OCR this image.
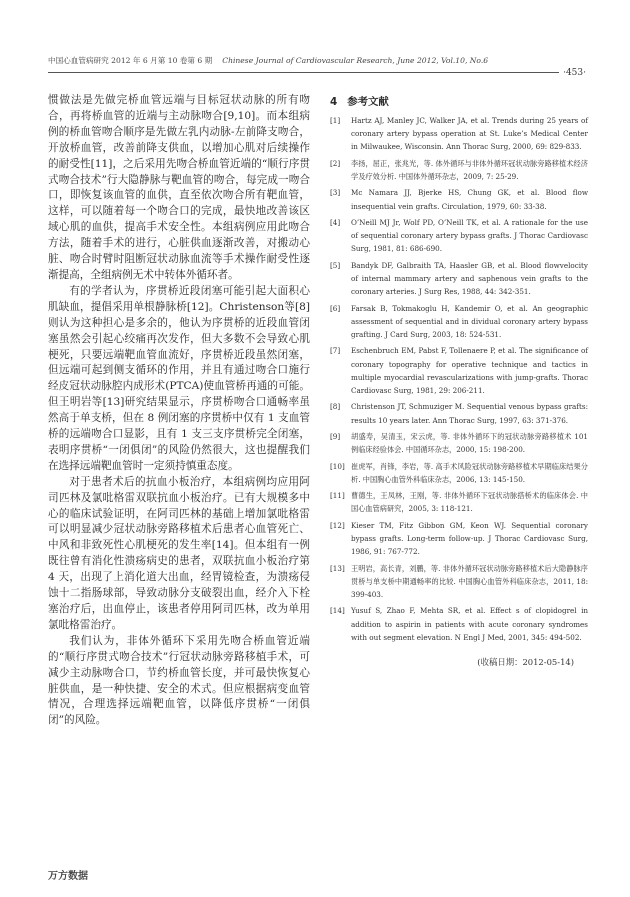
中国心血管病研究 2012 年 6 月第 10 卷第 6 期 Chinese Journal of Cardiovascular Research, June 2012, Vol.10, No.6
·453·

惯做法是先做完桥血管远端与目标冠状动脉的所有吻合，再将桥血管的近端与主动脉吻合[9,10]。而本组病例的桥血管吻合顺序是先做左乳内动脉-左前降支吻合，开放桥血管，改善前降支供血，以增加心肌对后续操作的耐受性[11]，之后采用先吻合桥血管近端的“顺行序贯式吻合技术”行大隐静脉与靶血管的吻合，每完成一吻合口，即恢复该血管的血供，直至依次吻合所有靶血管，这样，可以随着每一个吻合口的完成，最快地改善该区域心肌的血供，提高手术安全性。本组病例应用此吻合方法，随着手术的进行，心脏供血逐渐改善，对搬动心脏、吻合时臂时阻断冠状动脉血流等手术操作耐受性逐渐提高，全组病例无术中转体外循环者。

有的学者认为，序贯桥近段闭塞可能引起大面积心肌缺血，提倡采用单根静脉桥[12]。Christenson等[8]则认为这种担心是多余的，他认为序贯桥的近段血管闭塞虽然会引起心绞痛再次发作，但大多数不会导致心肌梗死，只要远端靶血管血流好，序贯桥近段虽然闭塞，但远端可起到侧支循环的作用，并且有通过吻合口施行经皮冠状动脉腔内成形术(PTCA)使血管桥再通的可能。但王明岩等[13]研究结果显示，序贯桥吻合口通畅率虽然高于单支桥，但在 8 例闭塞的序贯桥中仅有 1 支血管桥的远端吻合口显影，且有 1 支三支序贯桥完全闭塞，表明序贯桥“一闭俱闭”的风险仍然很大，这也提醒我们在选择远端靶血管时一定须持慎重态度。

对于患者术后的抗血小板治疗，本组病例均应用阿司匹林及氯吡格雷双联抗血小板治疗。已有大规模多中心的临床试验证明，在阿司匹林的基础上增加氯吡格雷可以明显减少冠状动脉旁路移植术后患者心血管死亡、中风和非致死性心肌梗死的发生率[14]。但本组有一例既往曾有消化性溃疡病史的患者，双联抗血小板治疗第 4 天，出现了上消化道大出血，经胃镜检查，为溃疡侵蚀十二指肠球部，导致动脉分支破裂出血，经介入下栓塞治疗后，出血停止，该患者停用阿司匹林，改为单用氯吡格雷治疗。

我们认为，非体外循环下采用先吻合桥血管近端的“顺行序贯式吻合技术”行冠状动脉旁路移植手术，可减少主动脉吻合口，节约桥血管长度，并可最快恢复心脏供血，是一种快捷、安全的术式。但应根据病变血管情况，合理选择远端靶血管，以降低序贯桥“一闭俱闭”的风险。

4 参考文献
[1] Hartz AJ, Manley JC, Walker JA, et al. Trends during 25 years of coronary artery bypass operation at St. Luke’s Medical Center in Milwaukee, Wisconsin. Ann Thorac Surg, 2000, 69: 829-833.
[2] 李扬，屈正，张兆光，等. 体外循环与非体外循环冠状动脉旁路移植术经济学及疗效分析. 中国体外循环杂志，2009, 7: 25-29.
[3] Mc Namara JJ, Bjerke HS, Chung GK, et al. Blood flow insequential vein grafts. Circulation, 1979, 60: 33-38.
[4] O’Neill MJ Jr, Wolf PD, O’Neill TK, et al. A rationale for the use of sequential coronary artery bypass grafts. J Thorac Cardiovasc Surg, 1981, 81: 686-690.
[5] Bandyk DF, Galbraith TA, Haasler GB, et al. Blood flowvelocity of internal mammary artery and saphenous vein grafts to the coronary arteries. J Surg Res, 1988, 44: 342-351.
[6] Farsak B, Tokmakoglu H, Kandemir O, et al. An geographic assessment of sequential and in dividual coronary artery bypass grafting. J Card Surg, 2003, 18: 524-531.
[7] Eschenbruch EM, Pabst F, Tollenaere P, et al. The significance of coronary topography for operative technique and tactics in multiple myocardial revascularizations with jump-grafts. Thorac Cardiovasc Surg, 1981, 29: 206-211.
[8] Christenson JT, Schmuziger M. Sequential venous bypass grafts: results 10 years later. Ann Thorac Surg, 1997, 63: 371-376.
[9] 胡盛寿，吴清玉，宋云虎，等. 非体外循环下的冠状动脉旁路移植术 101 例临床经验体会. 中国循环杂志，2000, 15: 198-200.
[10] 崔虎军，肖锋，李岩，等. 高手术风险冠状动脉旁路移植术早期临床结果分析. 中国胸心血管外科临床杂志，2006, 13: 145-150.
[11] 曹德生，王凤林，王刚，等. 非体外循环下冠状动脉搭桥术的临床体会. 中国心血管病研究，2005, 3: 118-121.
[12] Kieser TM, Fitz Gibbon GM, Keon WJ. Sequential coronary bypass grafts. Long-term follow-up. J Thorac Cardiovasc Surg, 1986, 91: 767-772.
[13] 王明岩，高长青，刘鹏，等. 非体外循环冠状动脉旁路移植术后大隐静脉序贯桥与单支桥中期通畅率的比较. 中国胸心血管外科临床杂志，2011, 18: 399-403.
[14] Yusuf S, Zhao F, Mehta SR, et al. Effect s of clopidogrel in addition to aspirin in patients with acute coronary syndromes with out segment elevation. N Engl J Med, 2001, 345: 494-502.
(收稿日期：2012-05-14)
万方数据
